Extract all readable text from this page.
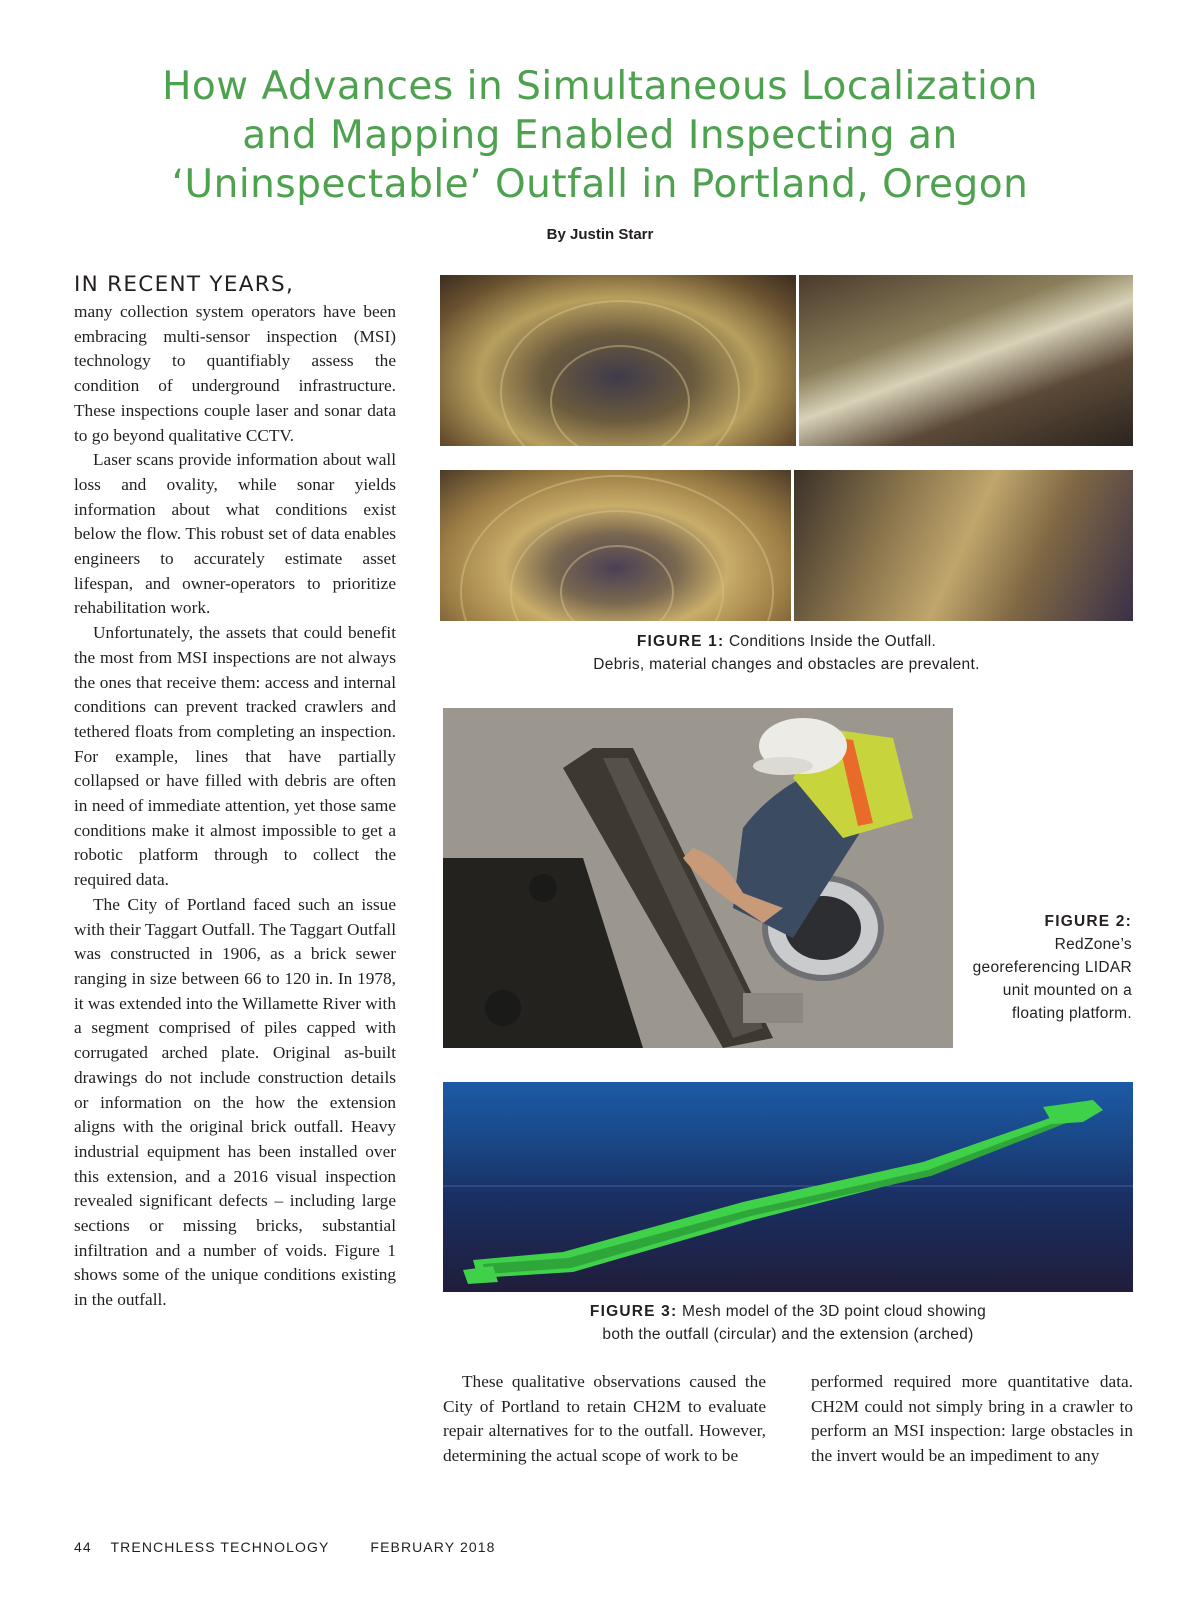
How Advances in Simultaneous Localization
and Mapping Enabled Inspecting an
‘Uninspectable’ Outfall in Portland, Oregon
By Justin Starr
IN RECENT YEARS,

many collection system operators have been embracing multi-sensor inspection (MSI) technology to quantifiably assess the condition of underground infrastructure. These inspections couple laser and sonar data to go beyond qualitative CCTV.

Laser scans provide information about wall loss and ovality, while sonar yields information about what conditions exist below the flow. This robust set of data enables engineers to accurately estimate asset lifespan, and owner-operators to prioritize rehabilitation work.

Unfortunately, the assets that could benefit the most from MSI inspections are not always the ones that receive them: access and internal conditions can prevent tracked crawlers and tethered floats from completing an inspection. For example, lines that have partially collapsed or have filled with debris are often in need of immediate attention, yet those same conditions make it almost impossible to get a robotic platform through to collect the required data.

The City of Portland faced such an issue with their Taggart Outfall. The Taggart Outfall was constructed in 1906, as a brick sewer ranging in size between 66 to 120 in. In 1978, it was extended into the Willamette River with a segment comprised of piles capped with corrugated arched plate. Original as-built drawings do not include construction details or information on the how the extension aligns with the original brick outfall. Heavy industrial equipment has been installed over this extension, and a 2016 visual inspection revealed significant defects – including large sections or missing bricks, substantial infiltration and a number of voids. Figure 1 shows some of the unique conditions existing in the outfall.

FIGURE 1: Conditions Inside the Outfall.
Debris, material changes and obstacles are prevalent.
FIGURE 2:
RedZone’s georeferencing LIDAR unit mounted on a floating platform.
FIGURE 3: Mesh model of the 3D point cloud showing
both the outfall (circular) and the extension (arched)

These qualitative observations caused the City of Portland to retain CH2M to evaluate repair alternatives for to the outfall. However, determining the actual scope of work to be

performed required more quantitative data. CH2M could not simply bring in a crawler to perform an MSI inspection: large obstacles in the invert would be an impediment to any

44 TRENCHLESS TECHNOLOGY	FEBRUARY 2018
